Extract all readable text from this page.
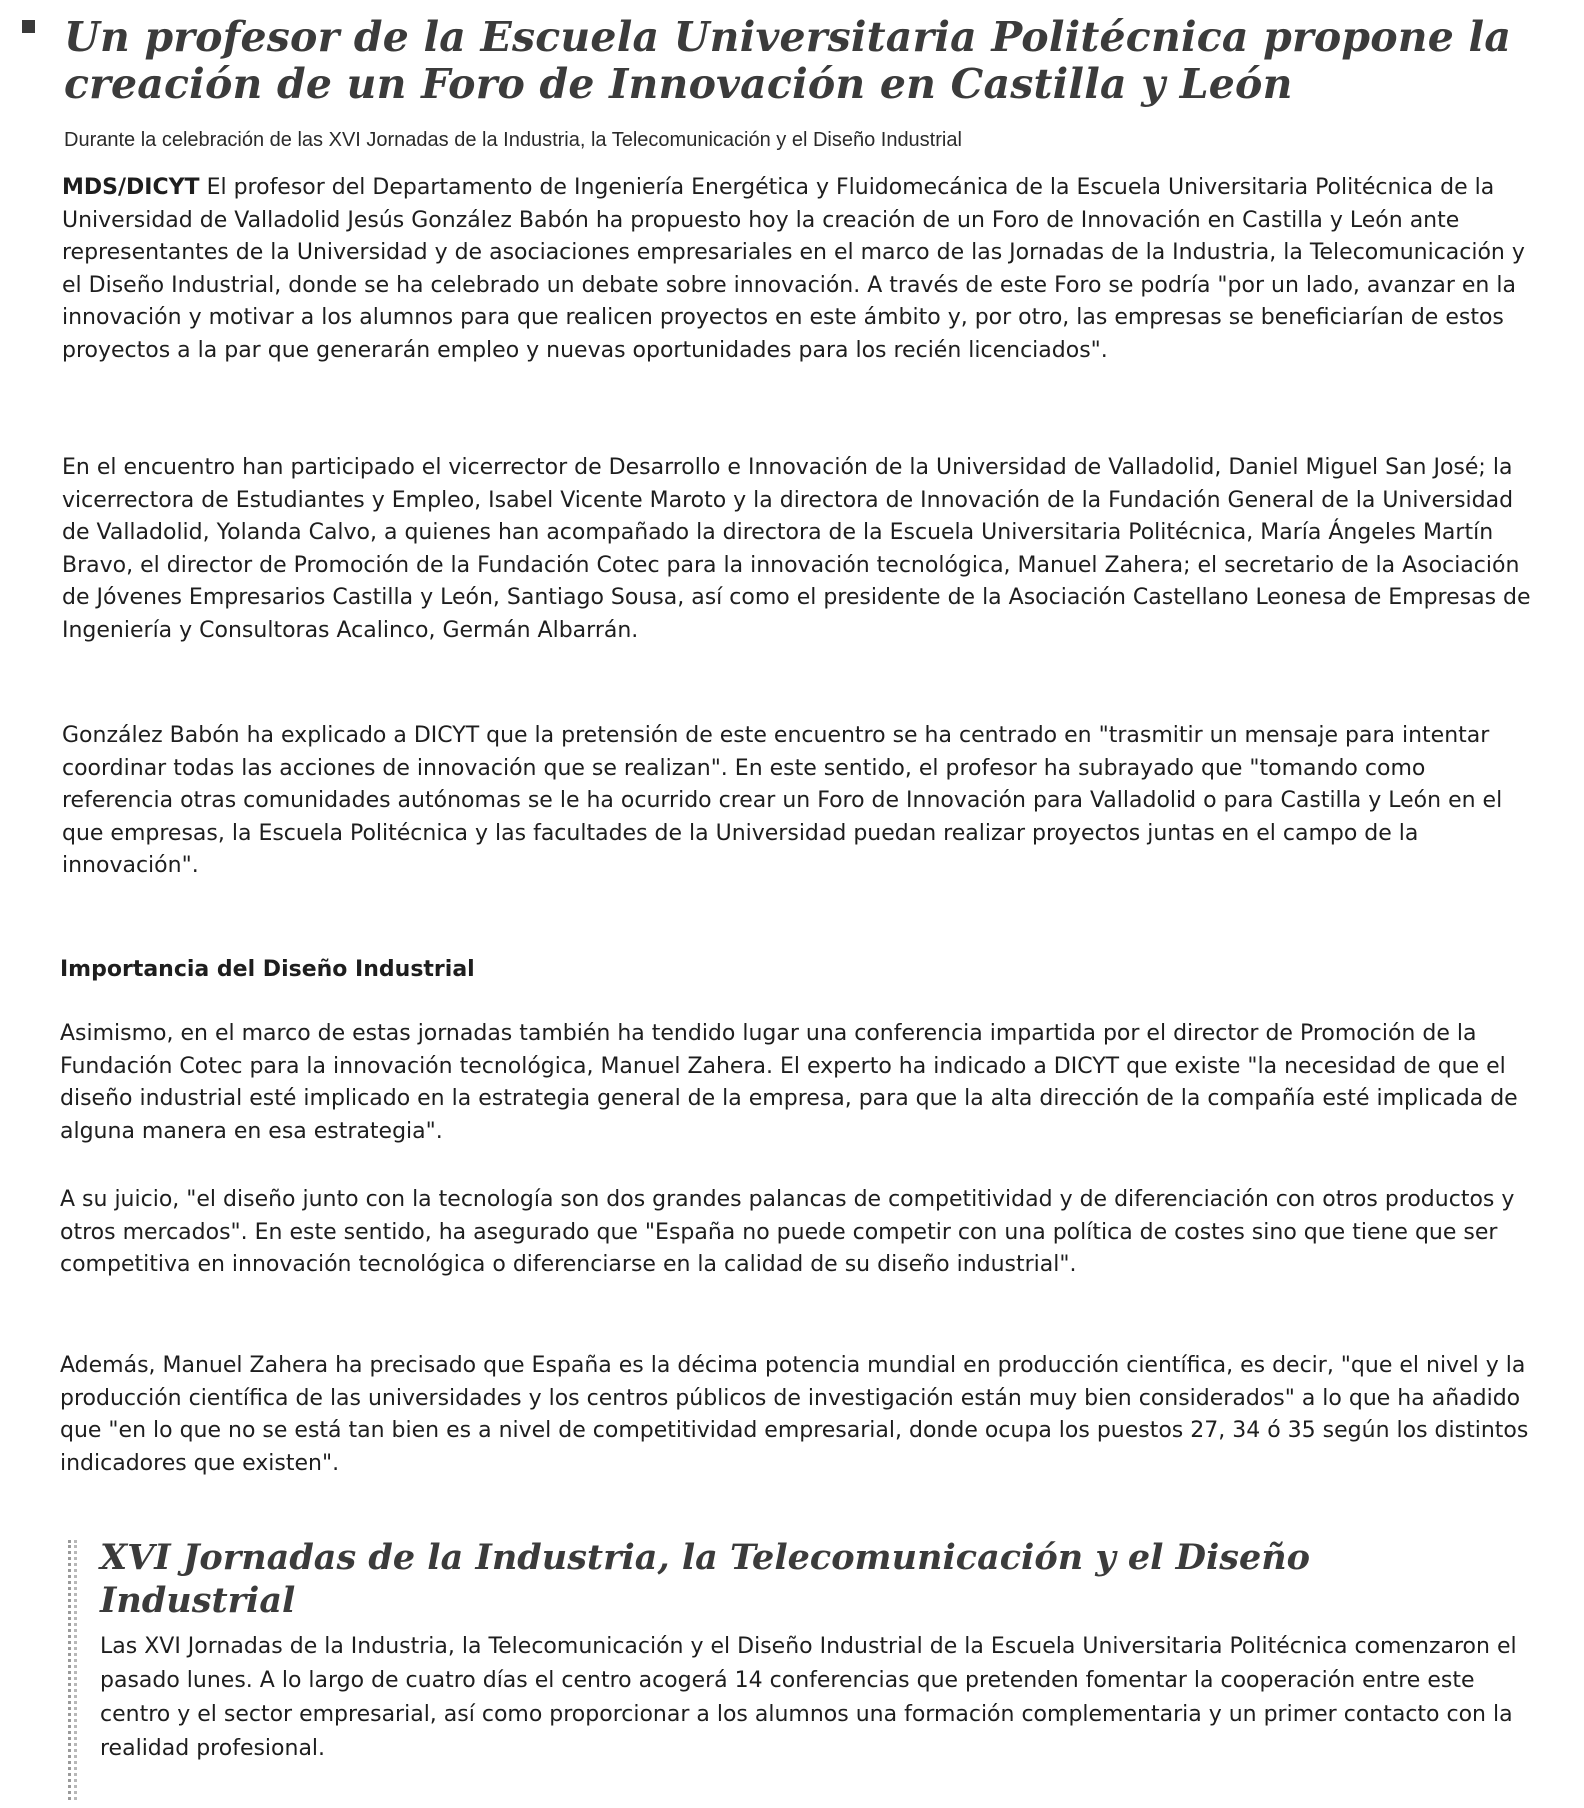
Un profesor de la Escuela Universitaria Politécnica propone la creación de un Foro de Innovación en Castilla y León

Durante la celebración de las XVI Jornadas de la Industria, la Telecomunicación y el Diseño Industrial

MDS/DICYT El profesor del Departamento de Ingeniería Energética y Fluidomecánica de la Escuela Universitaria Politécnica de la Universidad de Valladolid Jesús González Babón ha propuesto hoy la creación de un Foro de Innovación en Castilla y León ante representantes de la Universidad y de asociaciones empresariales en el marco de las Jornadas de la Industria, la Telecomunicación y el Diseño Industrial, donde se ha celebrado un debate sobre innovación. A través de este Foro se podría "por un lado, avanzar en la innovación y motivar a los alumnos para que realicen proyectos en este ámbito y, por otro, las empresas se beneficiarían de estos proyectos a la par que generarán empleo y nuevas oportunidades para los recién licenciados".

En el encuentro han participado el vicerrector de Desarrollo e Innovación de la Universidad de Valladolid, Daniel Miguel San José; la vicerrectora de Estudiantes y Empleo, Isabel Vicente Maroto y la directora de Innovación de la Fundación General de la Universidad de Valladolid, Yolanda Calvo, a quienes han acompañado la directora de la Escuela Universitaria Politécnica, María Ángeles Martín Bravo, el director de Promoción de la Fundación Cotec para la innovación tecnológica, Manuel Zahera; el secretario de la Asociación de Jóvenes Empresarios Castilla y León, Santiago Sousa, así como el presidente de la Asociación Castellano Leonesa de Empresas de Ingeniería y Consultoras Acalinco, Germán Albarrán.

González Babón ha explicado a DICYT que la pretensión de este encuentro se ha centrado en "trasmitir un mensaje para intentar coordinar todas las acciones de innovación que se realizan". En este sentido, el profesor ha subrayado que "tomando como referencia otras comunidades autónomas se le ha ocurrido crear un Foro de Innovación para Valladolid o para Castilla y León en el que empresas, la Escuela Politécnica y las facultades de la Universidad puedan realizar proyectos juntas en el campo de la innovación".

Importancia del Diseño Industrial

Asimismo, en el marco de estas jornadas también ha tendido lugar una conferencia impartida por el director de Promoción de la Fundación Cotec para la innovación tecnológica, Manuel Zahera. El experto ha indicado a DICYT que existe "la necesidad de que el diseño industrial esté implicado en la estrategia general de la empresa, para que la alta dirección de la compañía esté implicada de alguna manera en esa estrategia".

A su juicio, "el diseño junto con la tecnología son dos grandes palancas de competitividad y de diferenciación con otros productos y otros mercados". En este sentido, ha asegurado que "España no puede competir con una política de costes sino que tiene que ser competitiva en innovación tecnológica o diferenciarse en la calidad de su diseño industrial".

Además, Manuel Zahera ha precisado que España es la décima potencia mundial en producción científica, es decir, "que el nivel y la producción científica de las universidades y los centros públicos de investigación están muy bien considerados" a lo que ha añadido que "en lo que no se está tan bien es a nivel de competitividad empresarial, donde ocupa los puestos 27, 34 ó 35 según los distintos indicadores que existen".

XVI Jornadas de la Industria, la Telecomunicación y el Diseño Industrial

Las XVI Jornadas de la Industria, la Telecomunicación y el Diseño Industrial de la Escuela Universitaria Politécnica comenzaron el pasado lunes. A lo largo de cuatro días el centro acogerá 14 conferencias que pretenden fomentar la cooperación entre este centro y el sector empresarial, así como proporcionar a los alumnos una formación complementaria y un primer contacto con la realidad profesional.
